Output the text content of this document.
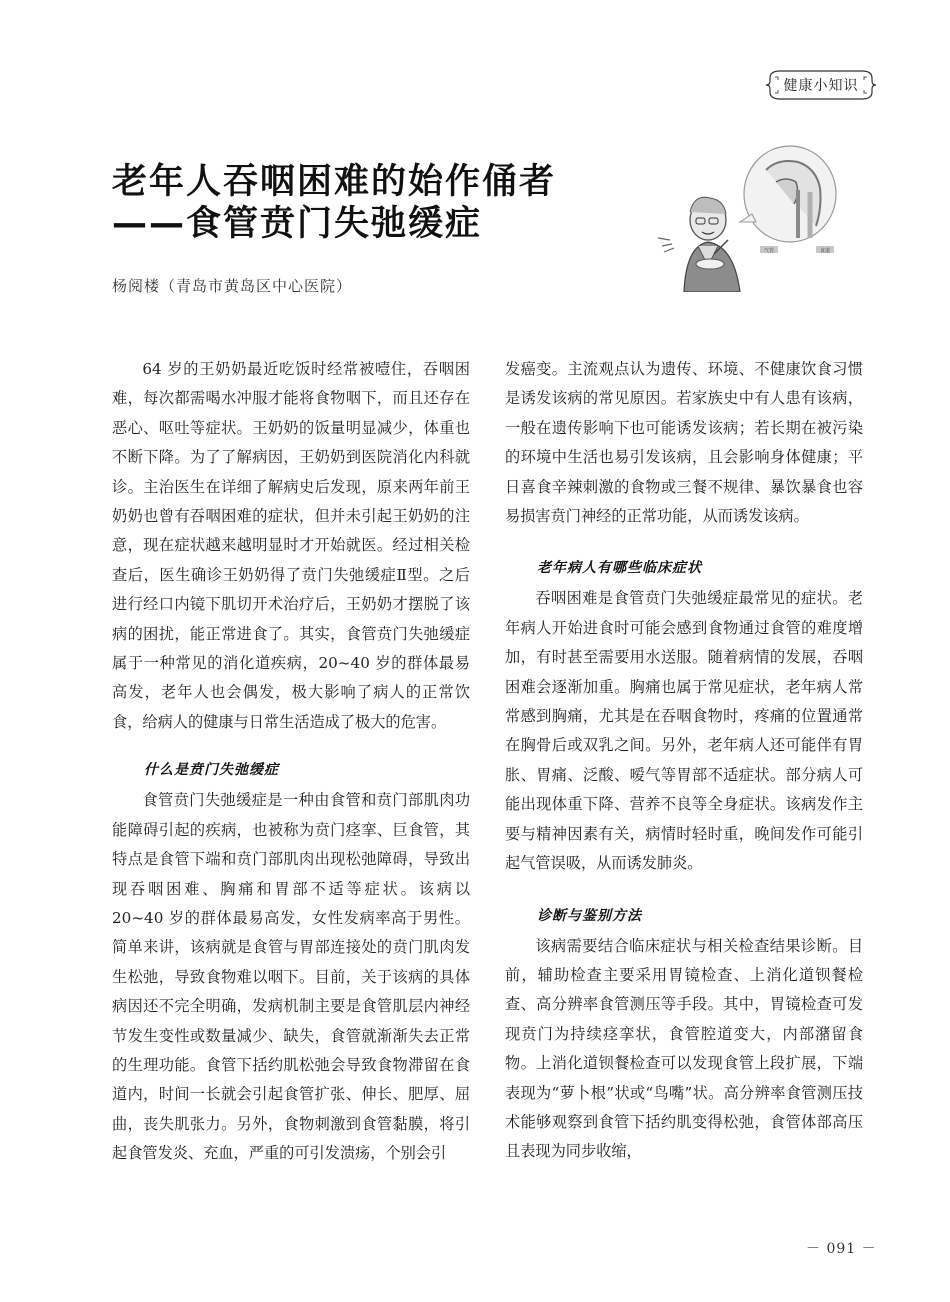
健康小知识
老年人吞咽困难的始作俑者
——食管贲门失弛缓症
气管	食道
杨阅楼（青岛市黄岛区中心医院）

64 岁的王奶奶最近吃饭时经常被噎住，吞咽困难，每次都需喝水冲服才能将食物咽下，而且还存在恶心、呕吐等症状。王奶奶的饭量明显减少，体重也不断下降。为了了解病因，王奶奶到医院消化内科就诊。主治医生在详细了解病史后发现，原来两年前王奶奶也曾有吞咽困难的症状，但并未引起王奶奶的注意，现在症状越来越明显时才开始就医。经过相关检查后，医生确诊王奶奶得了贲门失弛缓症Ⅱ型。之后进行经口内镜下肌切开术治疗后，王奶奶才摆脱了该病的困扰，能正常进食了。其实，食管贲门失弛缓症属于一种常见的消化道疾病，20~40 岁的群体最易高发，老年人也会偶发，极大影响了病人的正常饮食，给病人的健康与日常生活造成了极大的危害。

什么是贲门失弛缓症

食管贲门失弛缓症是一种由食管和贲门部肌肉功能障碍引起的疾病，也被称为贲门痉挛、巨食管，其特点是食管下端和贲门部肌肉出现松弛障碍，导致出现吞咽困难、胸痛和胃部不适等症状。该病以 20~40 岁的群体最易高发，女性发病率高于男性。简单来讲，该病就是食管与胃部连接处的贲门肌肉发生松弛，导致食物难以咽下。目前，关于该病的具体病因还不完全明确，发病机制主要是食管肌层内神经节发生变性或数量减少、缺失，食管就渐渐失去正常的生理功能。食管下括约肌松弛会导致食物滞留在食道内，时间一长就会引起食管扩张、伸长、肥厚、屈曲，丧失肌张力。另外，食物刺激到食管黏膜，将引起食管发炎、充血，严重的可引发溃疡，个别会引

发癌变。主流观点认为遗传、环境、不健康饮食习惯是诱发该病的常见原因。若家族史中有人患有该病，一般在遗传影响下也可能诱发该病；若长期在被污染的环境中生活也易引发该病，且会影响身体健康；平日喜食辛辣刺激的食物或三餐不规律、暴饮暴食也容易损害贲门神经的正常功能，从而诱发该病。

老年病人有哪些临床症状

吞咽困难是食管贲门失弛缓症最常见的症状。老年病人开始进食时可能会感到食物通过食管的难度增加，有时甚至需要用水送服。随着病情的发展，吞咽困难会逐渐加重。胸痛也属于常见症状，老年病人常常感到胸痛，尤其是在吞咽食物时，疼痛的位置通常在胸骨后或双乳之间。另外，老年病人还可能伴有胃胀、胃痛、泛酸、嗳气等胃部不适症状。部分病人可能出现体重下降、营养不良等全身症状。该病发作主要与精神因素有关，病情时轻时重，晚间发作可能引起气管误吸，从而诱发肺炎。

诊断与鉴别方法

该病需要结合临床症状与相关检查结果诊断。目前，辅助检查主要采用胃镜检查、上消化道钡餐检查、高分辨率食管测压等手段。其中，胃镜检查可发现贲门为持续痉挛状，食管腔道变大，内部潴留食物。上消化道钡餐检查可以发现食管上段扩展，下端表现为“萝卜根”状或“鸟嘴”状。高分辨率食管测压技术能够观察到食管下括约肌变得松弛，食管体部高压且表现为同步收缩，

－ 091 －
